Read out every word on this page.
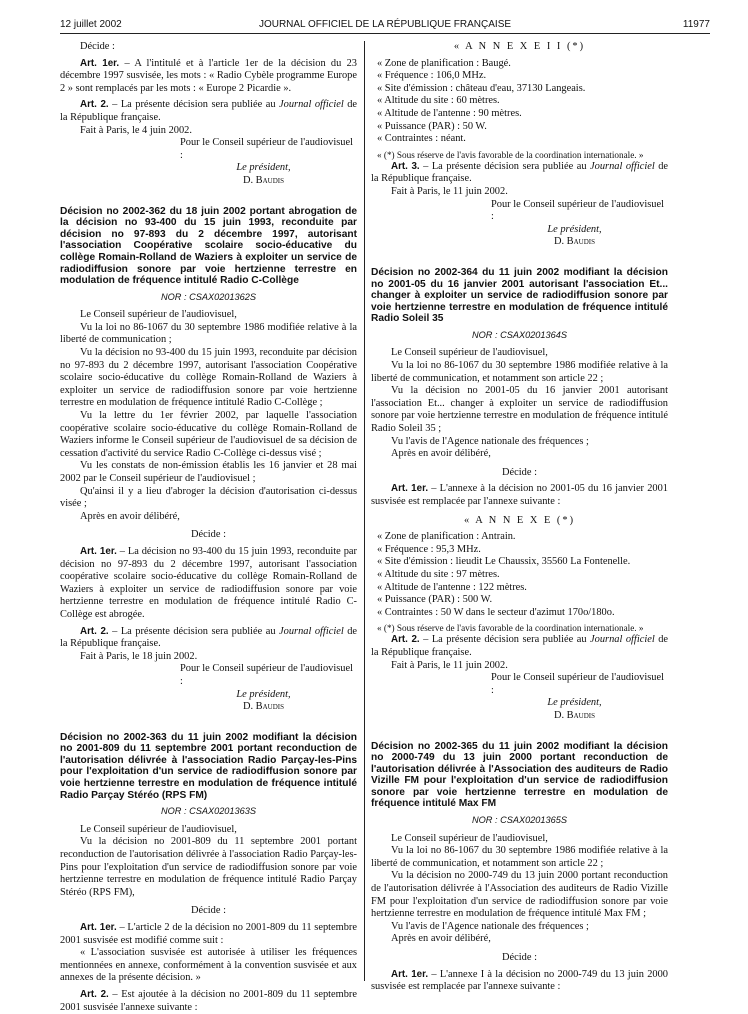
12 juillet 2002	JOURNAL OFFICIEL DE LA RÉPUBLIQUE FRANÇAISE	11977

Décide :

Art. 1er. – A l'intitulé et à l'article 1er de la décision du 23 décembre 1997 susvisée, les mots : « Radio Cybèle programme Europe 2 » sont remplacés par les mots : « Europe 2 Picardie ».

Art. 2. – La présente décision sera publiée au Journal officiel de la République française.

Fait à Paris, le 4 juin 2002.

Pour le Conseil supérieur de l'audiovisuel :

Le président,

D. Baudis

Décision no 2002-362 du 18 juin 2002 portant abrogation de la décision no 93-400 du 15 juin 1993, reconduite par décision no 97-893 du 2 décembre 1997, autorisant l'association Coopérative scolaire socio-éducative du collège Romain-Rolland de Waziers à exploiter un service de radiodiffusion sonore par voie hertzienne terrestre en modulation de fréquence intitulé Radio C-Collège

NOR : CSAX0201362S

Le Conseil supérieur de l'audiovisuel,

Vu la loi no 86-1067 du 30 septembre 1986 modifiée relative à la liberté de communication ;

Vu la décision no 93-400 du 15 juin 1993, reconduite par décision no 97-893 du 2 décembre 1997, autorisant l'association Coopérative scolaire socio-éducative du collège Romain-Rolland de Waziers à exploiter un service de radiodiffusion sonore par voie hertzienne terrestre en modulation de fréquence intitulé Radio C-Collège ;

Vu la lettre du 1er février 2002, par laquelle l'association coopérative scolaire socio-éducative du collège Romain-Rolland de Waziers informe le Conseil supérieur de l'audiovisuel de sa décision de cessation d'activité du service Radio C-Collège ci-dessus visé ;

Vu les constats de non-émission établis les 16 janvier et 28 mai 2002 par le Conseil supérieur de l'audiovisuel ;

Qu'ainsi il y a lieu d'abroger la décision d'autorisation ci-dessus visée ;

Après en avoir délibéré,

Décide :

Art. 1er. – La décision no 93-400 du 15 juin 1993, reconduite par décision no 97-893 du 2 décembre 1997, autorisant l'association coopérative scolaire socio-éducative du collège Romain-Rolland de Waziers à exploiter un service de radiodiffusion sonore par voie hertzienne terrestre en modulation de fréquence intitulé Radio C-Collège est abrogée.

Art. 2. – La présente décision sera publiée au Journal officiel de la République française.

Fait à Paris, le 18 juin 2002.

Pour le Conseil supérieur de l'audiovisuel :

Le président,

D. Baudis

Décision no 2002-363 du 11 juin 2002 modifiant la décision no 2001-809 du 11 septembre 2001 portant reconduction de l'autorisation délivrée à l'association Radio Parçay-les-Pins pour l'exploitation d'un service de radiodiffusion sonore par voie hertzienne terrestre en modulation de fréquence intitulé Radio Parçay Stéréo (RPS FM)

NOR : CSAX0201363S

Le Conseil supérieur de l'audiovisuel,

Vu la décision no 2001-809 du 11 septembre 2001 portant reconduction de l'autorisation délivrée à l'association Radio Parçay-les-Pins pour l'exploitation d'un service de radiodiffusion sonore par voie hertzienne terrestre en modulation de fréquence intitulé Radio Parçay Stéréo (RPS FM),

Décide :

Art. 1er. – L'article 2 de la décision no 2001-809 du 11 septembre 2001 susvisée est modifié comme suit :

« L'association susvisée est autorisée à utiliser les fréquences mentionnées en annexe, conformément à la convention susvisée et aux annexes de la présente décision. »

Art. 2. – Est ajoutée à la décision no 2001-809 du 11 septembre 2001 susvisée l'annexe suivante :

« A N N E X E I I (*)

« Zone de planification : Baugé.

« Fréquence : 106,0 MHz.

« Site d'émission : château d'eau, 37130 Langeais.

« Altitude du site : 60 mètres.

« Altitude de l'antenne : 90 mètres.

« Puissance (PAR) : 50 W.

« Contraintes : néant.

« (*) Sous réserve de l'avis favorable de la coordination internationale. »

Art. 3. – La présente décision sera publiée au Journal officiel de la République française.

Fait à Paris, le 11 juin 2002.

Pour le Conseil supérieur de l'audiovisuel :

Le président,

D. Baudis

Décision no 2002-364 du 11 juin 2002 modifiant la décision no 2001-05 du 16 janvier 2001 autorisant l'association Et... changer à exploiter un service de radiodiffusion sonore par voie hertzienne terrestre en modulation de fréquence intitulé Radio Soleil 35

NOR : CSAX0201364S

Le Conseil supérieur de l'audiovisuel,

Vu la loi no 86-1067 du 30 septembre 1986 modifiée relative à la liberté de communication, et notamment son article 22 ;

Vu la décision no 2001-05 du 16 janvier 2001 autorisant l'association Et... changer à exploiter un service de radiodiffusion sonore par voie hertzienne terrestre en modulation de fréquence intitulé Radio Soleil 35 ;

Vu l'avis de l'Agence nationale des fréquences ;

Après en avoir délibéré,

Décide :

Art. 1er. – L'annexe à la décision no 2001-05 du 16 janvier 2001 susvisée est remplacée par l'annexe suivante :

« A N N E X E (*)

« Zone de planification : Antrain.

« Fréquence : 95,3 MHz.

« Site d'émission : lieudit Le Chaussix, 35560 La Fontenelle.

« Altitude du site : 97 mètres.

« Altitude de l'antenne : 122 mètres.

« Puissance (PAR) : 500 W.

« Contraintes : 50 W dans le secteur d'azimut 170o/180o.

« (*) Sous réserve de l'avis favorable de la coordination internationale. »

Art. 2. – La présente décision sera publiée au Journal officiel de la République française.

Fait à Paris, le 11 juin 2002.

Pour le Conseil supérieur de l'audiovisuel :

Le président,

D. Baudis

Décision no 2002-365 du 11 juin 2002 modifiant la décision no 2000-749 du 13 juin 2000 portant reconduction de l'autorisation délivrée à l'Association des auditeurs de Radio Vizille FM pour l'exploitation d'un service de radiodiffusion sonore par voie hertzienne terrestre en modulation de fréquence intitulé Max FM

NOR : CSAX0201365S

Le Conseil supérieur de l'audiovisuel,

Vu la loi no 86-1067 du 30 septembre 1986 modifiée relative à la liberté de communication, et notamment son article 22 ;

Vu la décision no 2000-749 du 13 juin 2000 portant reconduction de l'autorisation délivrée à l'Association des auditeurs de Radio Vizille FM pour l'exploitation d'un service de radiodiffusion sonore par voie hertzienne terrestre en modulation de fréquence intitulé Max FM ;

Vu l'avis de l'Agence nationale des fréquences ;

Après en avoir délibéré,

Décide :

Art. 1er. – L'annexe I à la décision no 2000-749 du 13 juin 2000 susvisée est remplacée par l'annexe suivante :
